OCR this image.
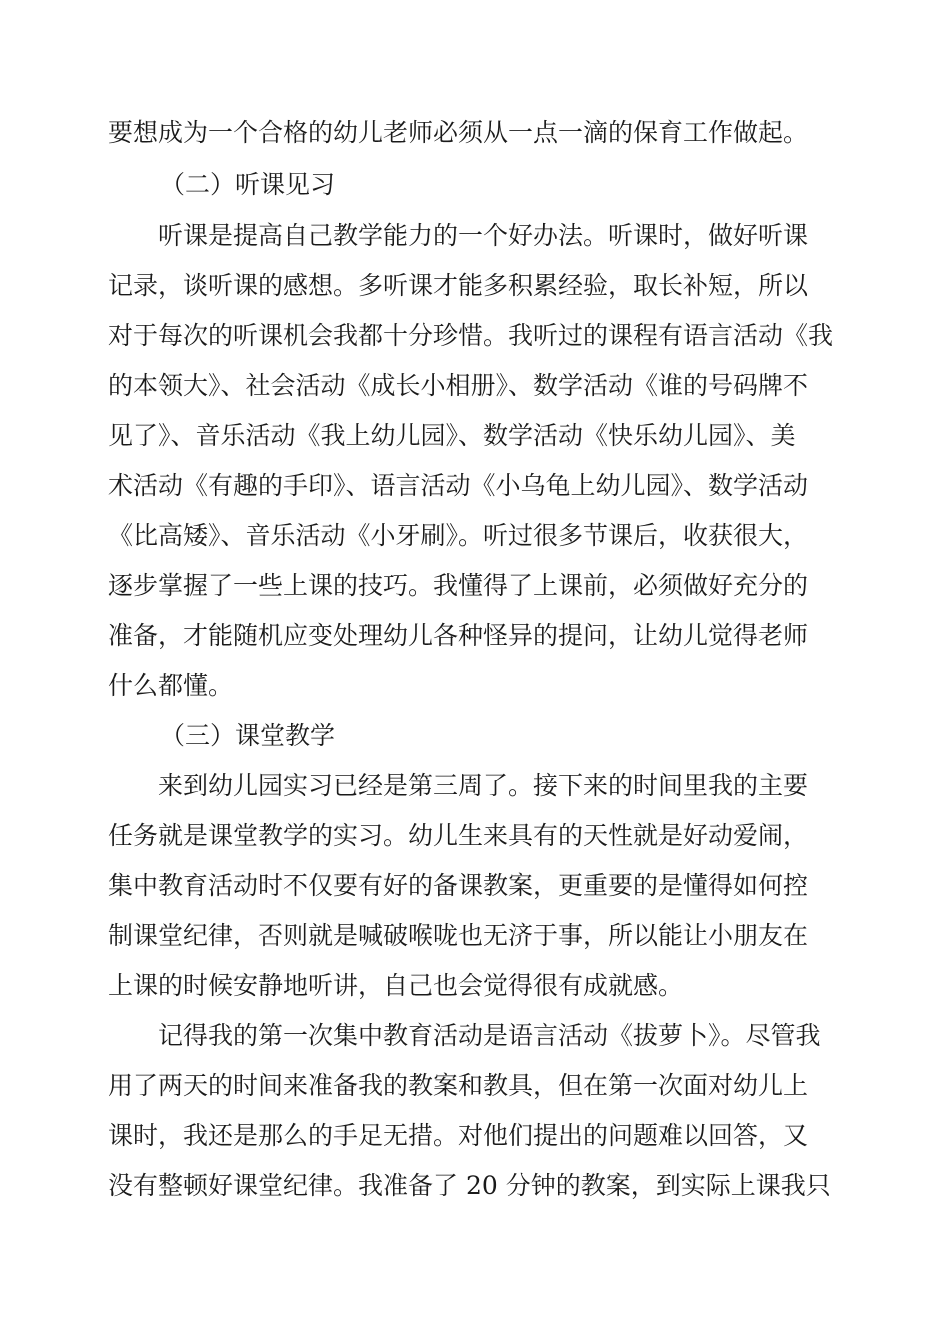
要想成为一个合格的幼儿老师必须从一点一滴的保育工作做起。
（二）听课见习
听课是提高自己教学能力的一个好办法。听课时，做好听课
记录，谈听课的感想。多听课才能多积累经验，取长补短，所以
对于每次的听课机会我都十分珍惜。我听过的课程有语言活动《我
的本领大》、社会活动《成长小相册》、数学活动《谁的号码牌不
见了》、音乐活动《我上幼儿园》、数学活动《快乐幼儿园》、美
术活动《有趣的手印》、语言活动《小乌龟上幼儿园》、数学活动
《比高矮》、音乐活动《小牙刷》。听过很多节课后，收获很大，
逐步掌握了一些上课的技巧。我懂得了上课前，必须做好充分的
准备，才能随机应变处理幼儿各种怪异的提问，让幼儿觉得老师
什么都懂。
（三）课堂教学
来到幼儿园实习已经是第三周了。接下来的时间里我的主要
任务就是课堂教学的实习。幼儿生来具有的天性就是好动爱闹，
集中教育活动时不仅要有好的备课教案，更重要的是懂得如何控
制课堂纪律，否则就是喊破喉咙也无济于事，所以能让小朋友在
上课的时候安静地听讲，自己也会觉得很有成就感。
记得我的第一次集中教育活动是语言活动《拔萝卜》。尽管我
用了两天的时间来准备我的教案和教具，但在第一次面对幼儿上
课时，我还是那么的手足无措。对他们提出的问题难以回答，又
没有整顿好课堂纪律。我准备了 20 分钟的教案，到实际上课我只
